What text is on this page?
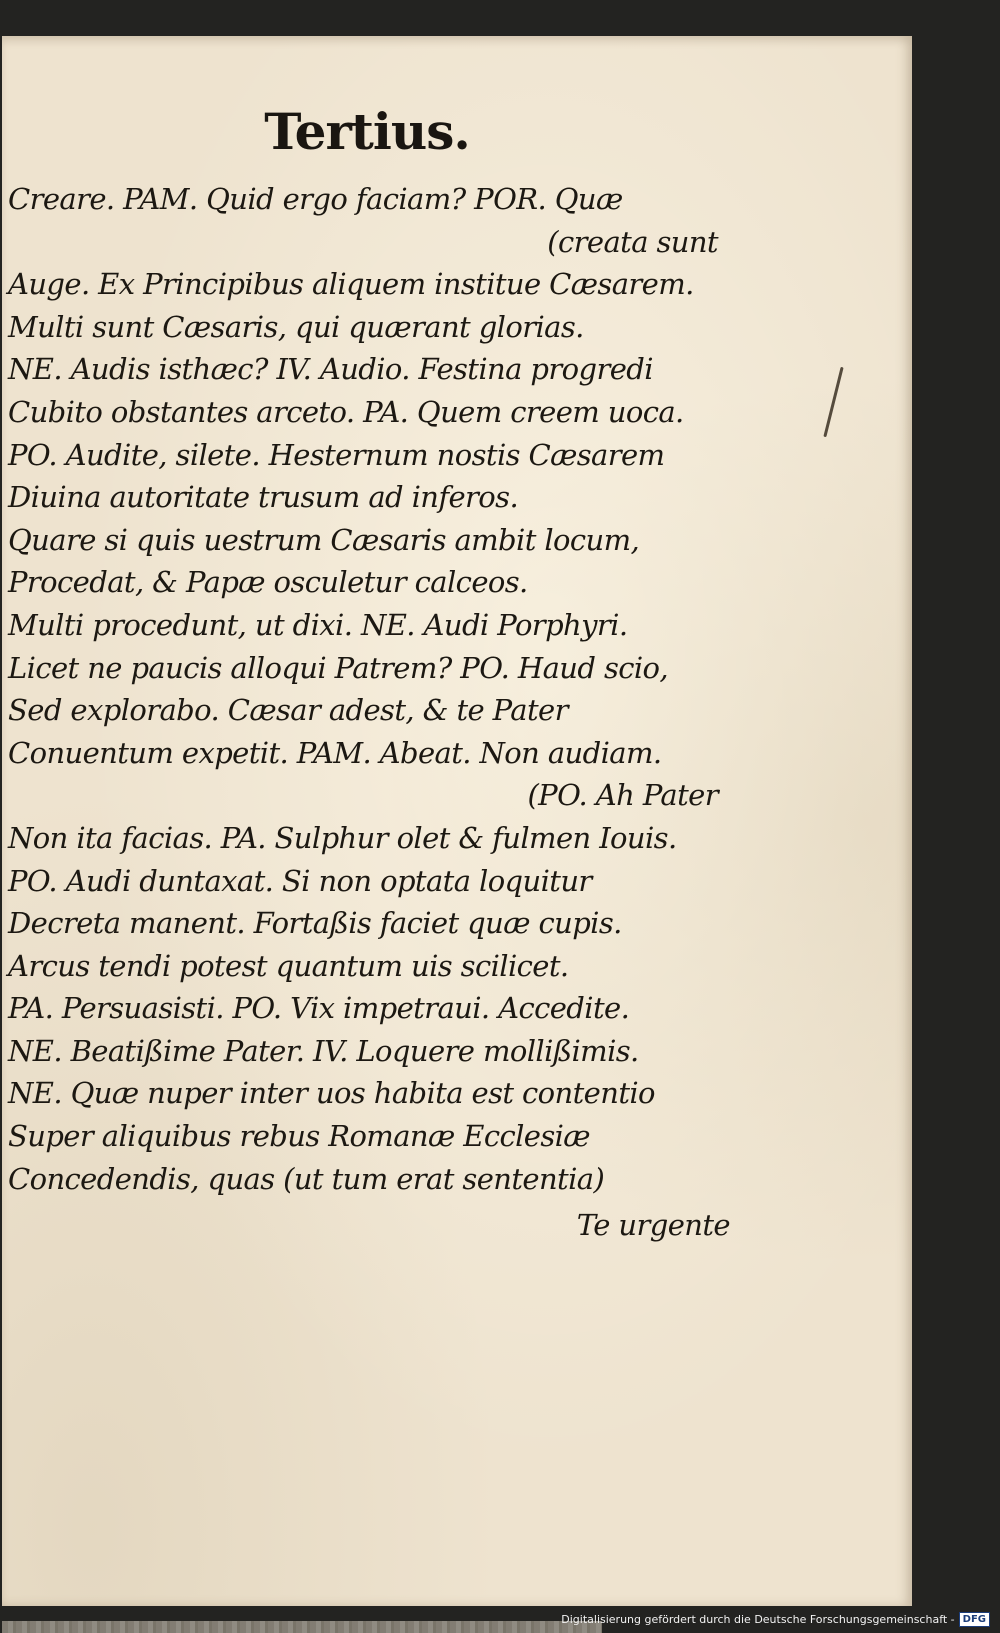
Tertius.
Creare. PAM. Quid ergo faciam? POR. Quæ
(creata sunt
Auge. Ex Principibus aliquem institue Cæsarem.
Multi sunt Cæsaris, qui quærant glorias.
NE. Audis isthæc? IV. Audio. Festina progredi
Cubito obstantes arceto. PA. Quem creem uoca.
PO. Audite, silete. Hesternum nostis Cæsarem
Diuina autoritate trusum ad inferos.
Quare si quis uestrum Cæsaris ambit locum,
Procedat, & Papæ osculetur calceos.
Multi procedunt, ut dixi. NE. Audi Porphyri.
Licet ne paucis alloqui Patrem? PO. Haud scio,
Sed explorabo. Cæsar adest, & te Pater
Conuentum expetit. PAM. Abeat. Non audiam.
(PO. Ah Pater
Non ita facias. PA. Sulphur olet & fulmen Iouis.
PO. Audi duntaxat. Si non optata loquitur
Decreta manent. Fortaßis faciet quæ cupis.
Arcus tendi potest quantum uis scilicet.
PA. Persuasisti. PO. Vix impetraui. Accedite.
NE. Beatißime Pater. IV. Loquere mollißimis.
NE. Quæ nuper inter uos habita est contentio
Super aliquibus rebus Romanæ Ecclesiæ
Concedendis, quas (ut tum erat sententia)
Te urgente
Digitalisierung gefördert durch die Deutsche Forschungsgemeinschaft - DFG
